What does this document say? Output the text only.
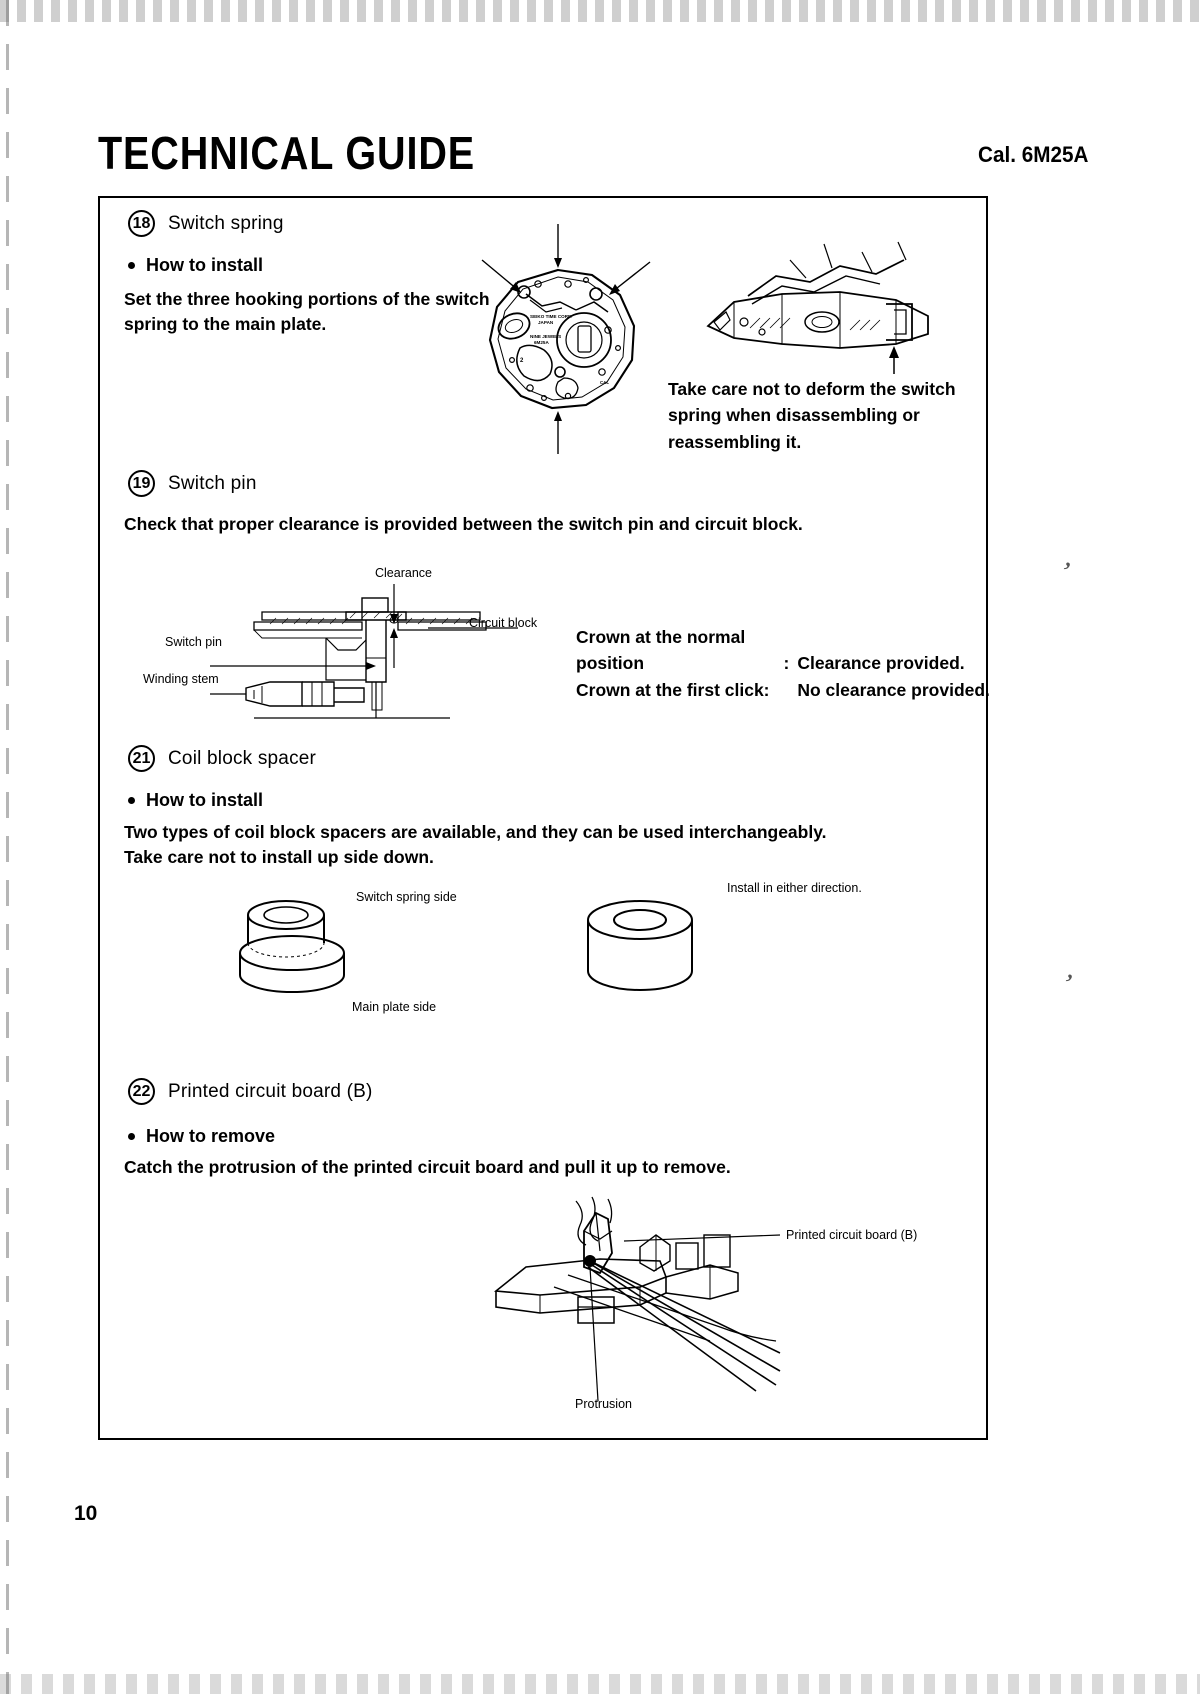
’
’
TECHNICAL GUIDE	Cal. 6M25A
18 Switch spring
How to install
Set the three hooking portions of the switch
spring to the main plate.	SEIKO TIME CORP.
JAPAN
NINE JEWELS
6M25A
2
CAL	Take care not to deform the switch
spring when disassembling or
reassembling it.
19 Switch pin
Check that proper clearance is provided between the switch pin and circuit block.
Clearance
Circuit block
Switch pin
Winding stem
Crown at the normal
position	:	Clearance provided.
Crown at the first click:		No clearance provided.
21 Coil block spacer
How to install
Two types of coil block spacers are available, and they can be used interchangeably.
Take care not to install up side down.
Switch spring side
Main plate side
Install in either direction.
22 Printed circuit board (B)
How to remove
Catch the protrusion of the printed circuit board and pull it up to remove.
Printed circuit board (B)
Protrusion
10
